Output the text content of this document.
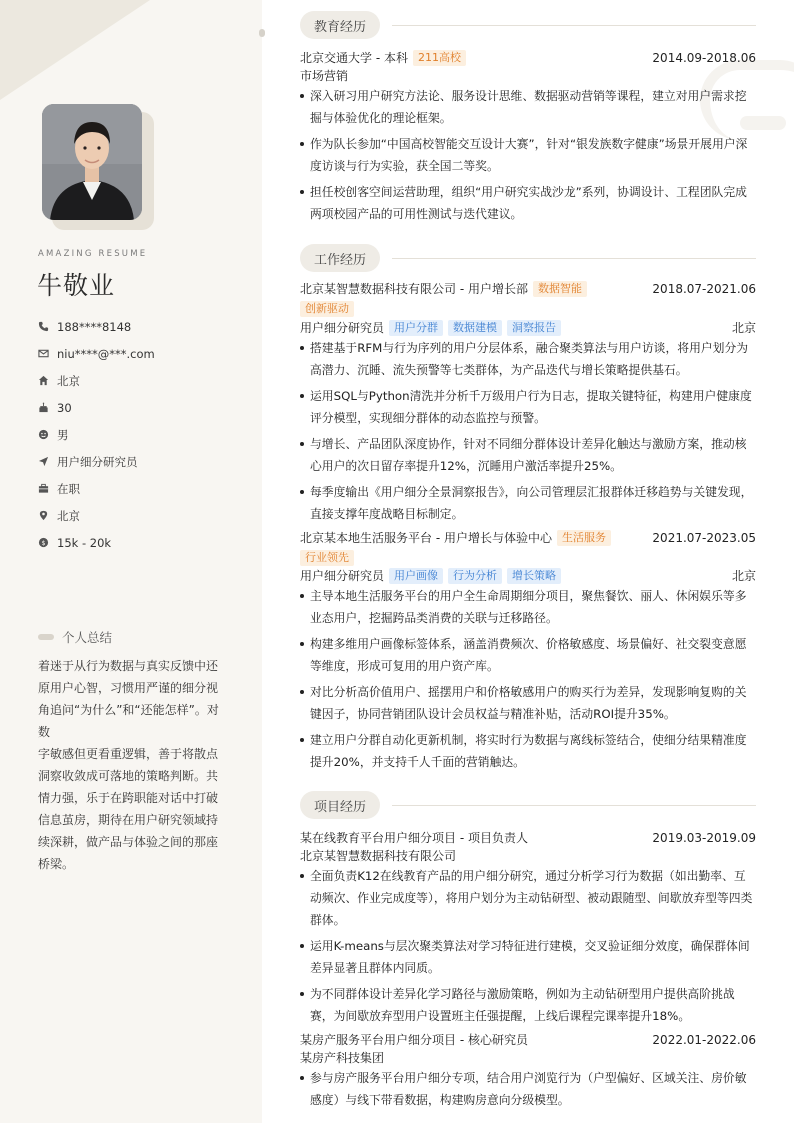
AMAZING RESUME
牛敬业
188****8148
niu****@***.com
北京
30
男
用户细分研究员
在职
北京
$ 15k - 20k
个人总结
着迷于从行为数据与真实反馈中还
原用户心智，习惯用严谨的细分视
角追问“为什么”和“还能怎样”。对数
字敏感但更看重逻辑，善于将散点
洞察收敛成可落地的策略判断。共
情力强，乐于在跨职能对话中打破
信息茧房，期待在用户研究领域持
续深耕，做产品与体验之间的那座
桥梁。
教育经历
北京交通大学 - 本科 211高校	2014.09-2018.06
市场营销
深入研习用户研究方法论、服务设计思维、数据驱动营销等课程，建立对用户需求挖掘与体验优化的理论框架。
作为队长参加“中国高校智能交互设计大赛”，针对“银发族数字健康”场景开展用户深度访谈与行为实验，获全国二等奖。
担任校创客空间运营助理，组织“用户研究实战沙龙”系列，协调设计、工程团队完成两项校园产品的可用性测试与迭代建议。
工作经历
北京某智慧数据科技有限公司 - 用户增长部 数据智能	2018.07-2021.06
创新驱动
用户细分研究员 用户分群	数据建模	洞察报告	北京
搭建基于RFM与行为序列的用户分层体系，融合聚类算法与用户访谈，将用户划分为高潜力、沉睡、流失预警等七类群体，为产品迭代与增长策略提供基石。
运用SQL与Python清洗并分析千万级用户行为日志，提取关键特征，构建用户健康度评分模型，实现细分群体的动态监控与预警。
与增长、产品团队深度协作，针对不同细分群体设计差异化触达与激励方案，推动核心用户的次日留存率提升12%，沉睡用户激活率提升25%。
每季度输出《用户细分全景洞察报告》，向公司管理层汇报群体迁移趋势与关键发现，直接支撑年度战略目标制定。
北京某本地生活服务平台 - 用户增长与体验中心 生活服务	2021.07-2023.05
行业领先
用户细分研究员 用户画像	行为分析	增长策略	北京
主导本地生活服务平台的用户全生命周期细分项目，聚焦餐饮、丽人、休闲娱乐等多业态用户，挖掘跨品类消费的关联与迁移路径。
构建多维用户画像标签体系，涵盖消费频次、价格敏感度、场景偏好、社交裂变意愿等维度，形成可复用的用户资产库。
对比分析高价值用户、摇摆用户和价格敏感用户的购买行为差异，发现影响复购的关键因子，协同营销团队设计会员权益与精准补贴，活动ROI提升35%。
建立用户分群自动化更新机制，将实时行为数据与离线标签结合，使细分结果精准度提升20%，并支持千人千面的营销触达。
项目经历
某在线教育平台用户细分项目 - 项目负责人	2019.03-2019.09
北京某智慧数据科技有限公司
全面负责K12在线教育产品的用户细分研究，通过分析学习行为数据（如出勤率、互动频次、作业完成度等），将用户划分为主动钻研型、被动跟随型、间歇放弃型等四类群体。
运用K-means与层次聚类算法对学习特征进行建模，交叉验证细分效度，确保群体间差异显著且群体内同质。
为不同群体设计差异化学习路径与激励策略，例如为主动钻研型用户提供高阶挑战赛，为间歇放弃型用户设置班主任强提醒，上线后课程完课率提升18%。
某房产服务平台用户细分项目 - 核心研究员	2022.01-2022.06
某房产科技集团
参与房产服务平台用户细分专项，结合用户浏览行为（户型偏好、区域关注、房价敏感度）与线下带看数据，构建购房意向分级模型。
